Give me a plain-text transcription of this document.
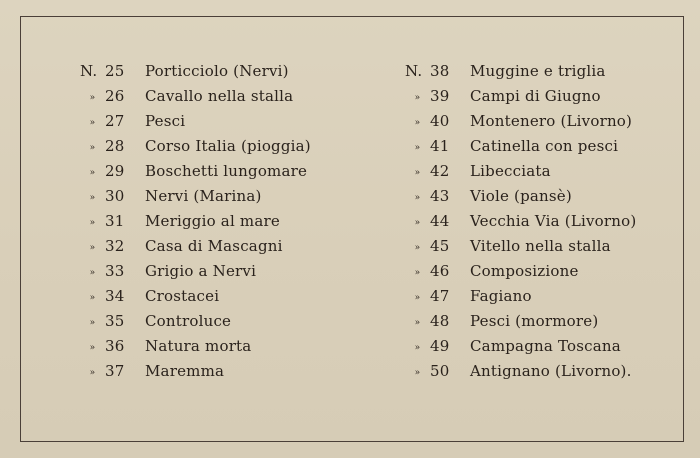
N. 25 Porticciolo (Nervi)
» 26 Cavallo nella stalla
» 27 Pesci
» 28 Corso Italia (pioggia)
» 29 Boschetti lungomare
» 30 Nervi (Marina)
» 31 Meriggio al mare
» 32 Casa di Mascagni
» 33 Grigio a Nervi
» 34 Crostacei
» 35 Controluce
» 36 Natura morta
» 37 Maremma
N. 38 Muggine e triglia
» 39 Campi di Giugno
» 40 Montenero (Livorno)
» 41 Catinella con pesci
» 42 Libecciata
» 43 Viole (pansè)
» 44 Vecchia Via (Livorno)
» 45 Vitello nella stalla
» 46 Composizione
» 47 Fagiano
» 48 Pesci (mormore)
» 49 Campagna Toscana
» 50 Antignano (Livorno).
